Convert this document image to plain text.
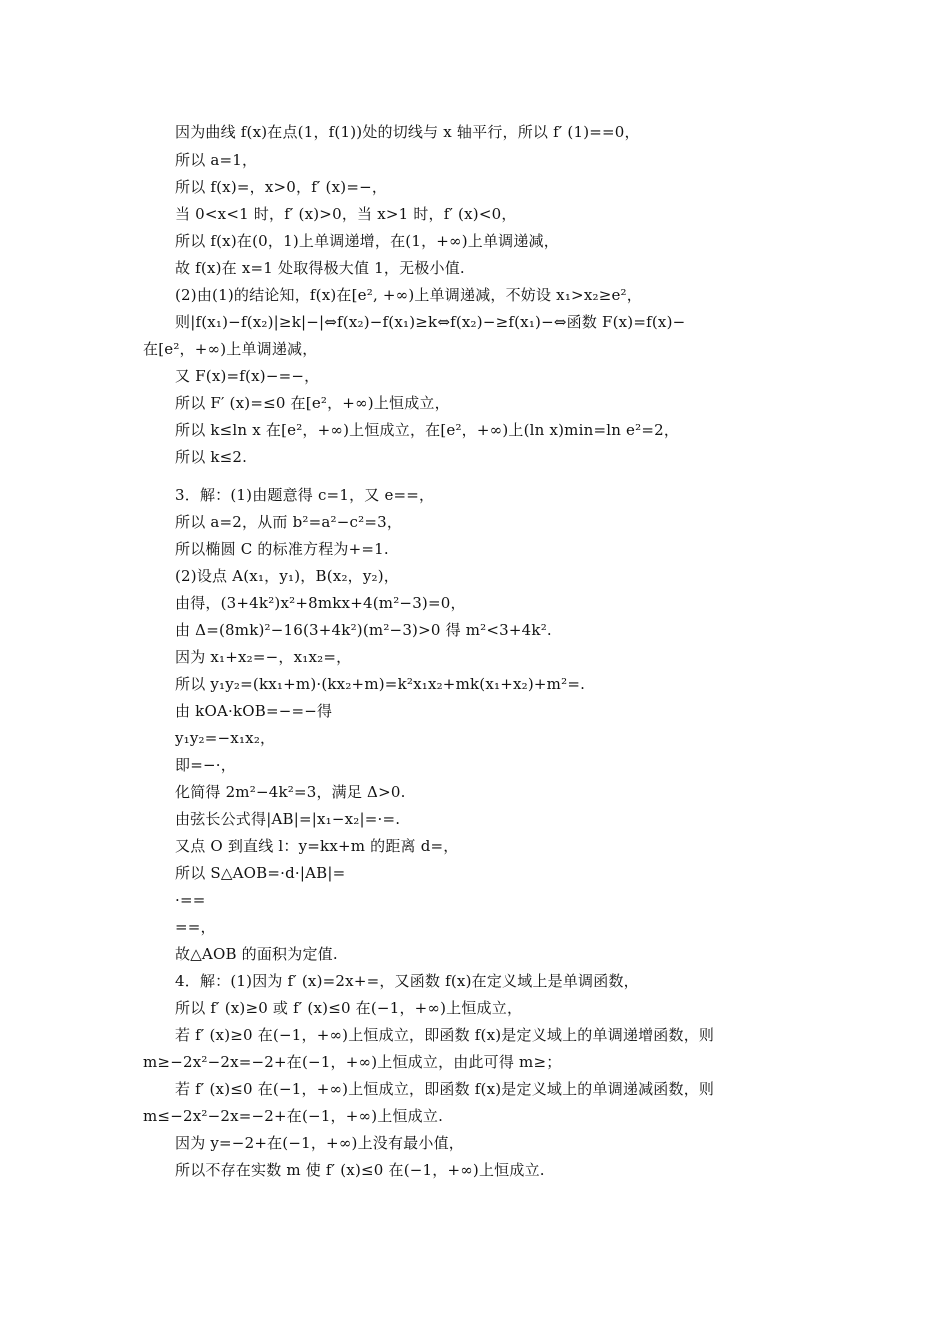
因为曲线 f(x)在点(1，f(1))处的切线与 x 轴平行，所以 f′ (1)==0，
所以 a=1，
所以 f(x)=，x>0，f′ (x)=−，
当 0<x<1 时，f′ (x)>0，当 x>1 时，f′ (x)<0，
所以 f(x)在(0，1)上单调递增，在(1，+∞)上单调递减，
故 f(x)在 x=1 处取得极大值 1，无极小值.
(2)由(1)的结论知，f(x)在[e², +∞)上单调递减，不妨设 x₁>x₂≥e²，
则|f(x₁)−f(x₂)|≥k|−|⇔f(x₂)−f(x₁)≥k⇔f(x₂)−≥f(x₁)−⇔函数 F(x)=f(x)−
在[e²，+∞)上单调递减，
又 F(x)=f(x)−=−，
所以 F′ (x)=≤0 在[e²，+∞)上恒成立，
所以 k≤ln x 在[e²，+∞)上恒成立，在[e²，+∞)上(ln x)min=ln e²=2，
所以 k≤2.
3．解：(1)由题意得 c=1，又 e==，
所以 a=2，从而 b²=a²−c²=3，
所以椭圆 C 的标准方程为+=1.
(2)设点 A(x₁，y₁)，B(x₂，y₂)，
由得，(3+4k²)x²+8mkx+4(m²−3)=0，
由 Δ=(8mk)²−16(3+4k²)(m²−3)>0 得 m²<3+4k².
因为 x₁+x₂=−，x₁x₂=，
所以 y₁y₂=(kx₁+m)·(kx₂+m)=k²x₁x₂+mk(x₁+x₂)+m²=.
由 kOA·kOB=−=−得
y₁y₂=−x₁x₂，
即=−·，
化简得 2m²−4k²=3，满足 Δ>0.
由弦长公式得|AB|=|x₁−x₂|=·=.
又点 O 到直线 l：y=kx+m 的距离 d=，
所以 S△AOB=·d·|AB|=
·==
==，
故△AOB 的面积为定值.
4．解：(1)因为 f′ (x)=2x+=，又函数 f(x)在定义域上是单调函数，
所以 f′ (x)≥0 或 f′ (x)≤0 在(−1，+∞)上恒成立，
若 f′ (x)≥0 在(−1，+∞)上恒成立，即函数 f(x)是定义域上的单调递增函数，则
m≥−2x²−2x=−2+在(−1，+∞)上恒成立，由此可得 m≥；
若 f′ (x)≤0 在(−1，+∞)上恒成立，即函数 f(x)是定义域上的单调递减函数，则
m≤−2x²−2x=−2+在(−1，+∞)上恒成立.
因为 y=−2+在(−1，+∞)上没有最小值，
所以不存在实数 m 使 f′ (x)≤0 在(−1，+∞)上恒成立.
